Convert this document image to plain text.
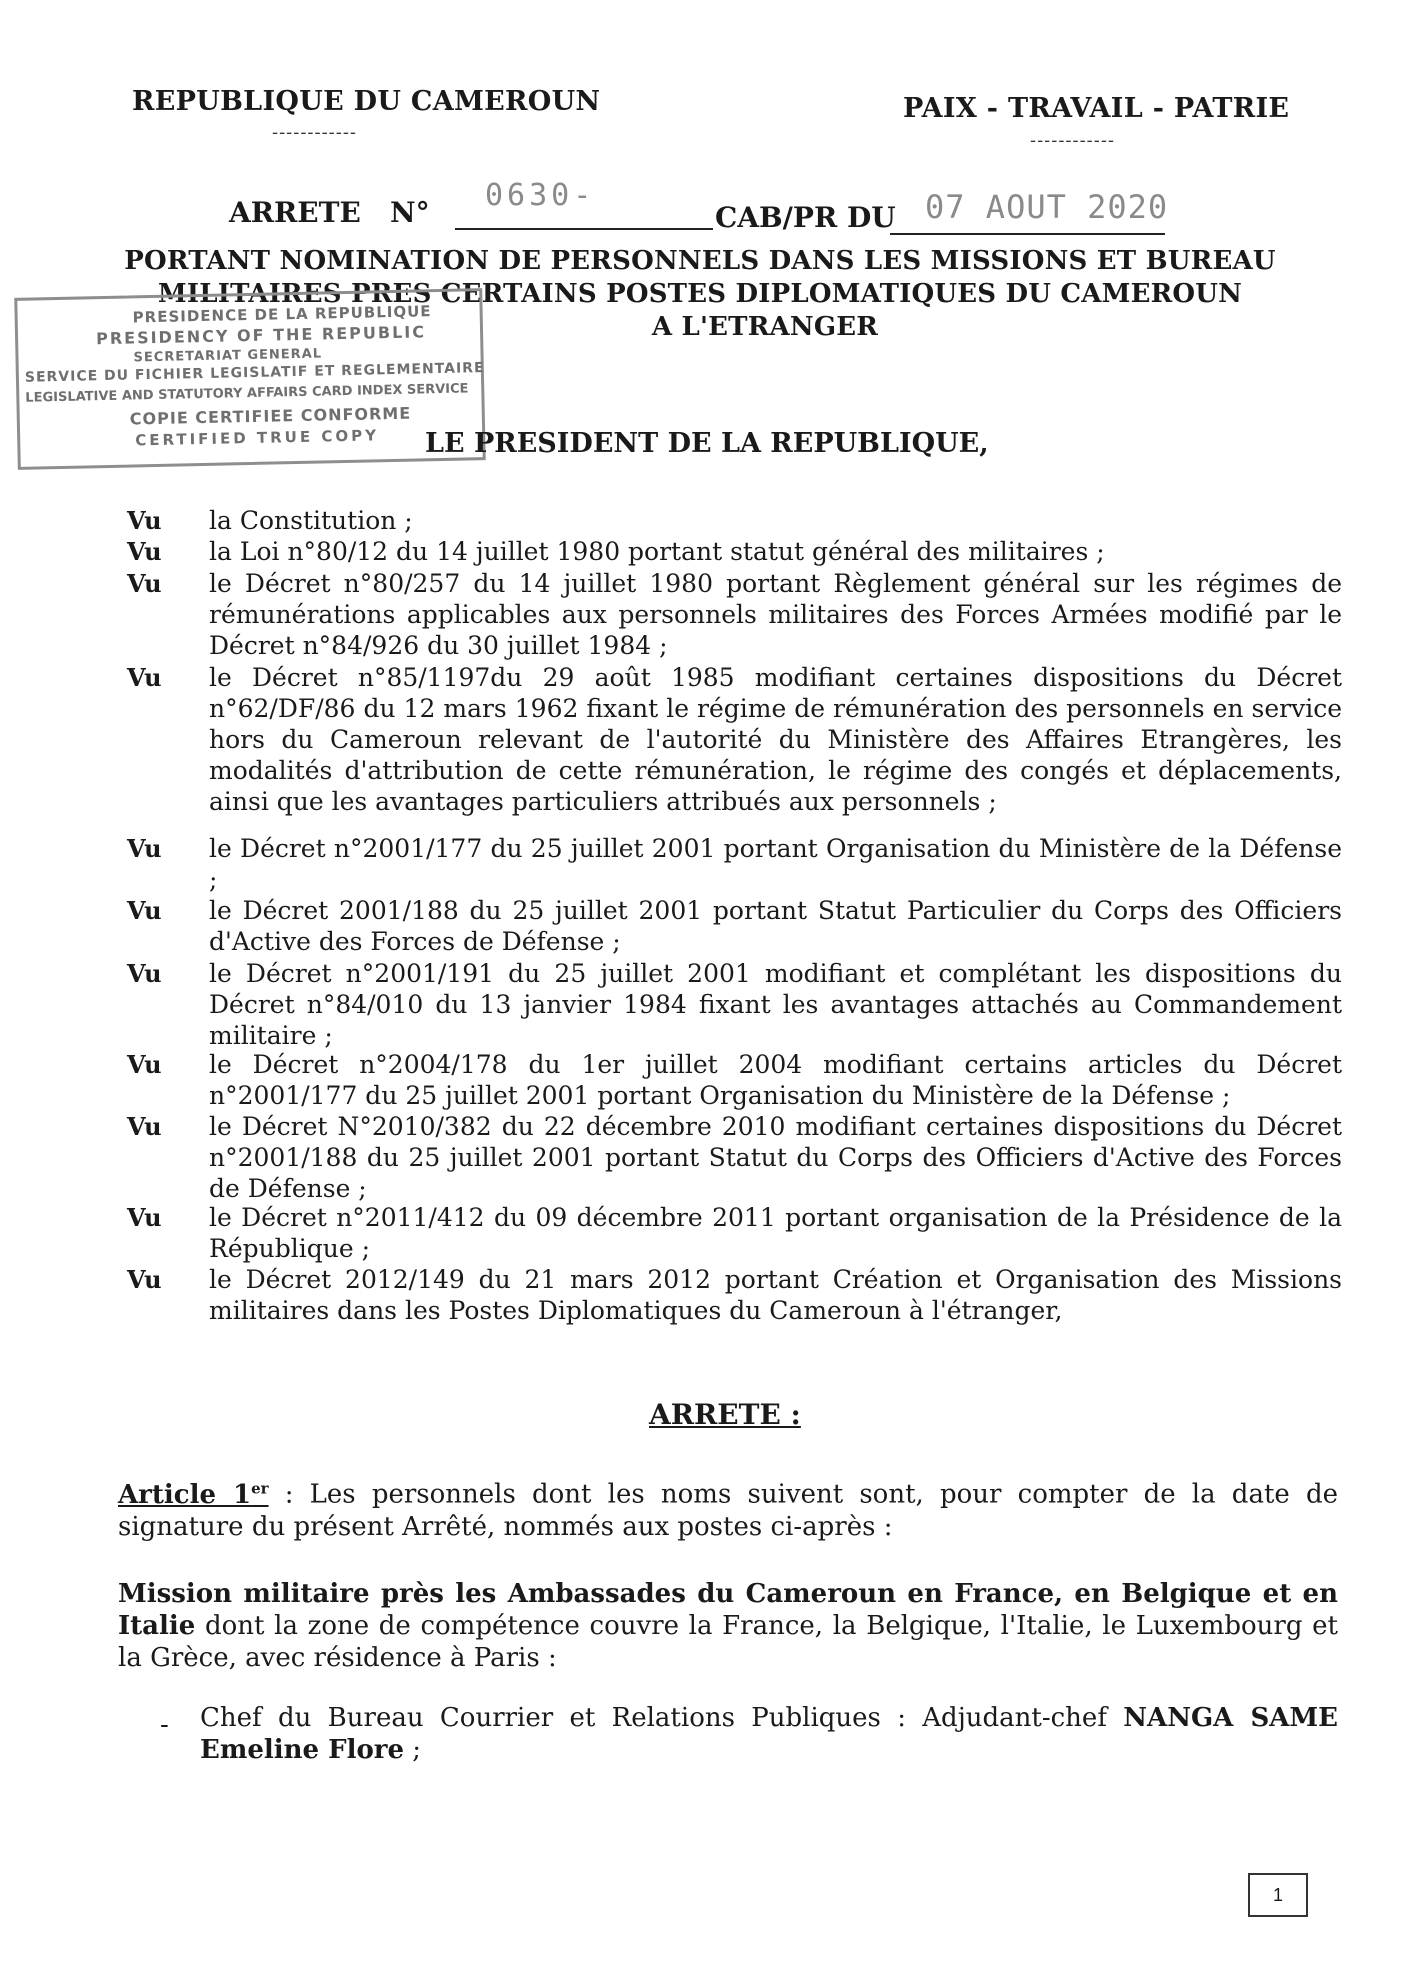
REPUBLIQUE DU CAMEROUN
------------
PAIX - TRAVAIL - PATRIE
------------
ARRETE N° 0630-
CAB/PR DU 07 AOUT 2020
PORTANT NOMINATION DE PERSONNELS DANS LES MISSIONS ET BUREAU
MILITAIRES PRES CERTAINS POSTES DIPLOMATIQUES DU CAMEROUN
A L'ETRANGER
PRESIDENCE DE LA REPUBLIQUE
PRESIDENCY OF THE REPUBLIC
SECRETARIAT GENERAL
SERVICE DU FICHIER LEGISLATIF ET REGLEMENTAIRE
LEGISLATIVE AND STATUTORY AFFAIRS CARD INDEX SERVICE
COPIE CERTIFIEE CONFORME
CERTIFIED TRUE COPY LE PRESIDENT DE LA REPUBLIQUE,
Vu la Constitution ;
Vu la Loi n°80/12 du 14 juillet 1980 portant statut général des militaires ;
Vu le Décret n°80/257 du 14 juillet 1980 portant Règlement général sur les régimes de rémunérations applicables aux personnels militaires des Forces Armées modifié par le Décret n°84/926 du 30 juillet 1984 ;
Vu le Décret n°85/1197du 29 août 1985 modifiant certaines dispositions du Décret n°62/DF/86 du 12 mars 1962 fixant le régime de rémunération des personnels en service hors du Cameroun relevant de l'autorité du Ministère des Affaires Etrangères, les modalités d'attribution de cette rémunération, le régime des congés et déplacements, ainsi que les avantages particuliers attribués aux personnels ;
Vu le Décret n°2001/177 du 25 juillet 2001 portant Organisation du Ministère de la Défense ;
Vu le Décret 2001/188 du 25 juillet 2001 portant Statut Particulier du Corps des Officiers d'Active des Forces de Défense ;
Vu le Décret n°2001/191 du 25 juillet 2001 modifiant et complétant les dispositions du Décret n°84/010 du 13 janvier 1984 fixant les avantages attachés au Commandement militaire ;
Vu le Décret n°2004/178 du 1er juillet 2004 modifiant certains articles du Décret n°2001/177 du 25 juillet 2001 portant Organisation du Ministère de la Défense ;
Vu le Décret N°2010/382 du 22 décembre 2010 modifiant certaines dispositions du Décret n°2001/188 du 25 juillet 2001 portant Statut du Corps des Officiers d'Active des Forces de Défense ;
Vu le Décret n°2011/412 du 09 décembre 2011 portant organisation de la Présidence de la République ;
Vu le Décret 2012/149 du 21 mars 2012 portant Création et Organisation des Missions militaires dans les Postes Diplomatiques du Cameroun à l'étranger,
ARRETE :
Article 1er : Les personnels dont les noms suivent sont, pour compter de la date de signature du présent Arrêté, nommés aux postes ci-après :
Mission militaire près les Ambassades du Cameroun en France, en Belgique et en Italie dont la zone de compétence couvre la France, la Belgique, l'Italie, le Luxembourg et la Grèce, avec résidence à Paris :
- Chef du Bureau Courrier et Relations Publiques : Adjudant-chef NANGA SAME Emeline Flore ;
1
